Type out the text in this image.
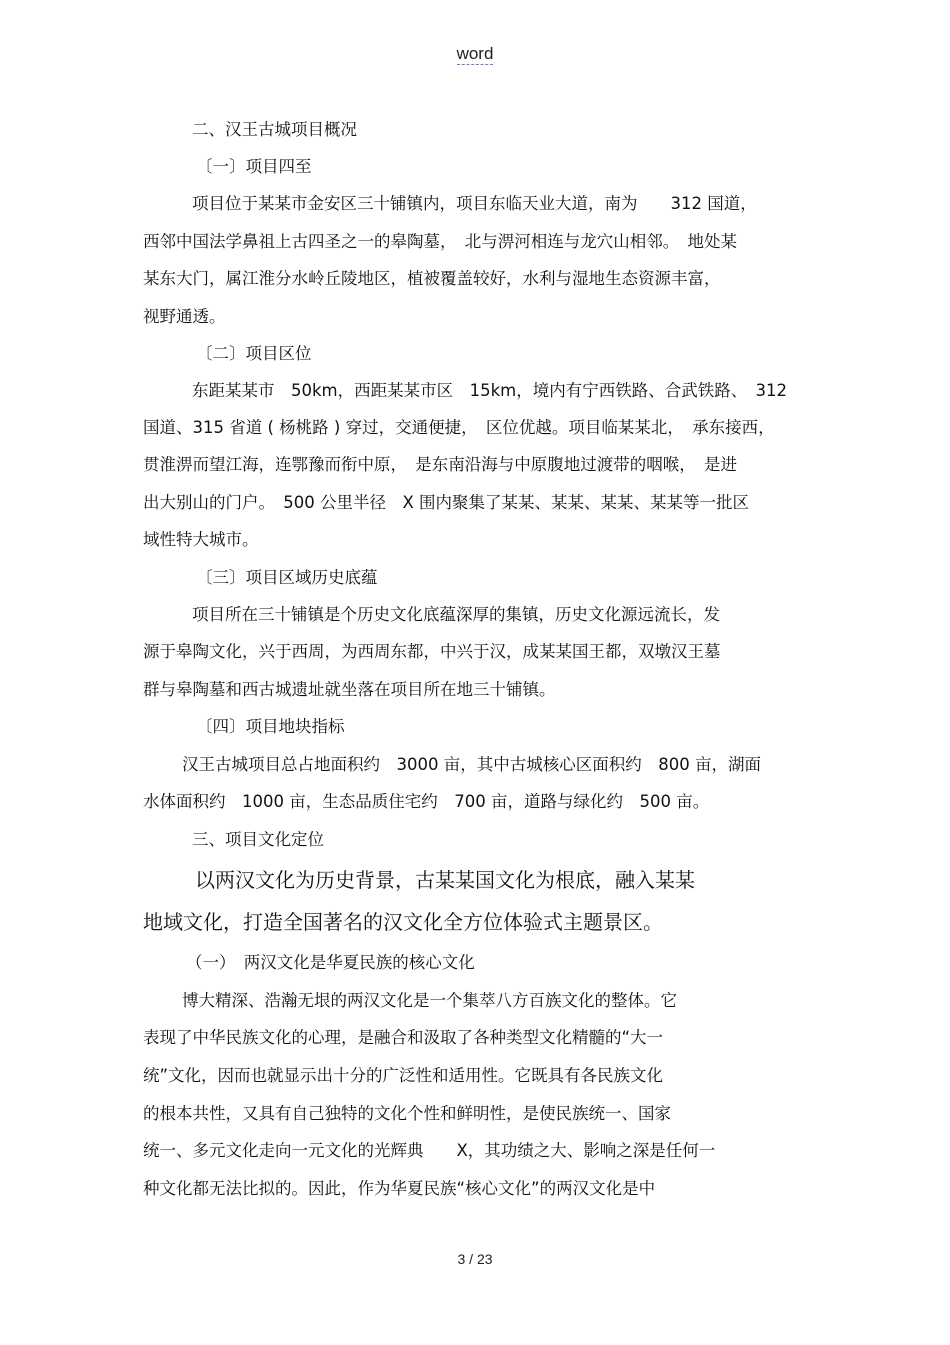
word
二、汉王古城项目概况
〔一〕项目四至
项目位于某某市金安区三十铺镇内，项目东临天业大道，南为　　312 国道，
西邻中国法学鼻祖上古四圣之一的皋陶墓，　北与淠河相连与龙穴山相邻。　地处某
某东大门，属江淮分水岭丘陵地区，植被覆盖较好，水利与湿地生态资源丰富，
视野通透。
〔二〕项目区位
东距某某市　50km，西距某某市区　15km，境内有宁西铁路、合武铁路、　312
国道、315 省道 ( 杨桃路 ) 穿过，交通便捷，　区位优越。项目临某某北，　承东接西，
贯淮淠而望江海，连鄂豫而衔中原，　是东南沿海与中原腹地过渡带的咽喉，　是进
出大别山的门户。　500 公里半径　X 围内聚集了某某、某某、某某、某某等一批区
域性特大城市。
〔三〕项目区域历史底蕴
项目所在三十铺镇是个历史文化底蕴深厚的集镇，历史文化源远流长，发
源于皋陶文化，兴于西周，为西周东都，中兴于汉，成某某国王都，双墩汉王墓
群与皋陶墓和西古城遗址就坐落在项目所在地三十铺镇。
〔四〕项目地块指标
汉王古城项目总占地面积约　3000 亩，其中古城核心区面积约　800 亩，湖面
水体面积约　1000 亩，生态品质住宅约　700 亩，道路与绿化约　500 亩。
三、项目文化定位
以两汉文化为历史背景，古某某国文化为根底，融入某某
地域文化，打造全国著名的汉文化全方位体验式主题景区。
（一）　两汉文化是华夏民族的核心文化
博大精深、浩瀚无垠的两汉文化是一个集萃八方百族文化的整体。它
表现了中华民族文化的心理，是融合和汲取了各种类型文化精髓的“大一
统”文化，因而也就显示出十分的广泛性和适用性。它既具有各民族文化
的根本共性，又具有自己独特的文化个性和鲜明性，是使民族统一、国家
统一、多元文化走向一元文化的光辉典　　X，其功绩之大、影响之深是任何一
种文化都无法比拟的。因此，作为华夏民族“核心文化”的两汉文化是中
3 / 23
